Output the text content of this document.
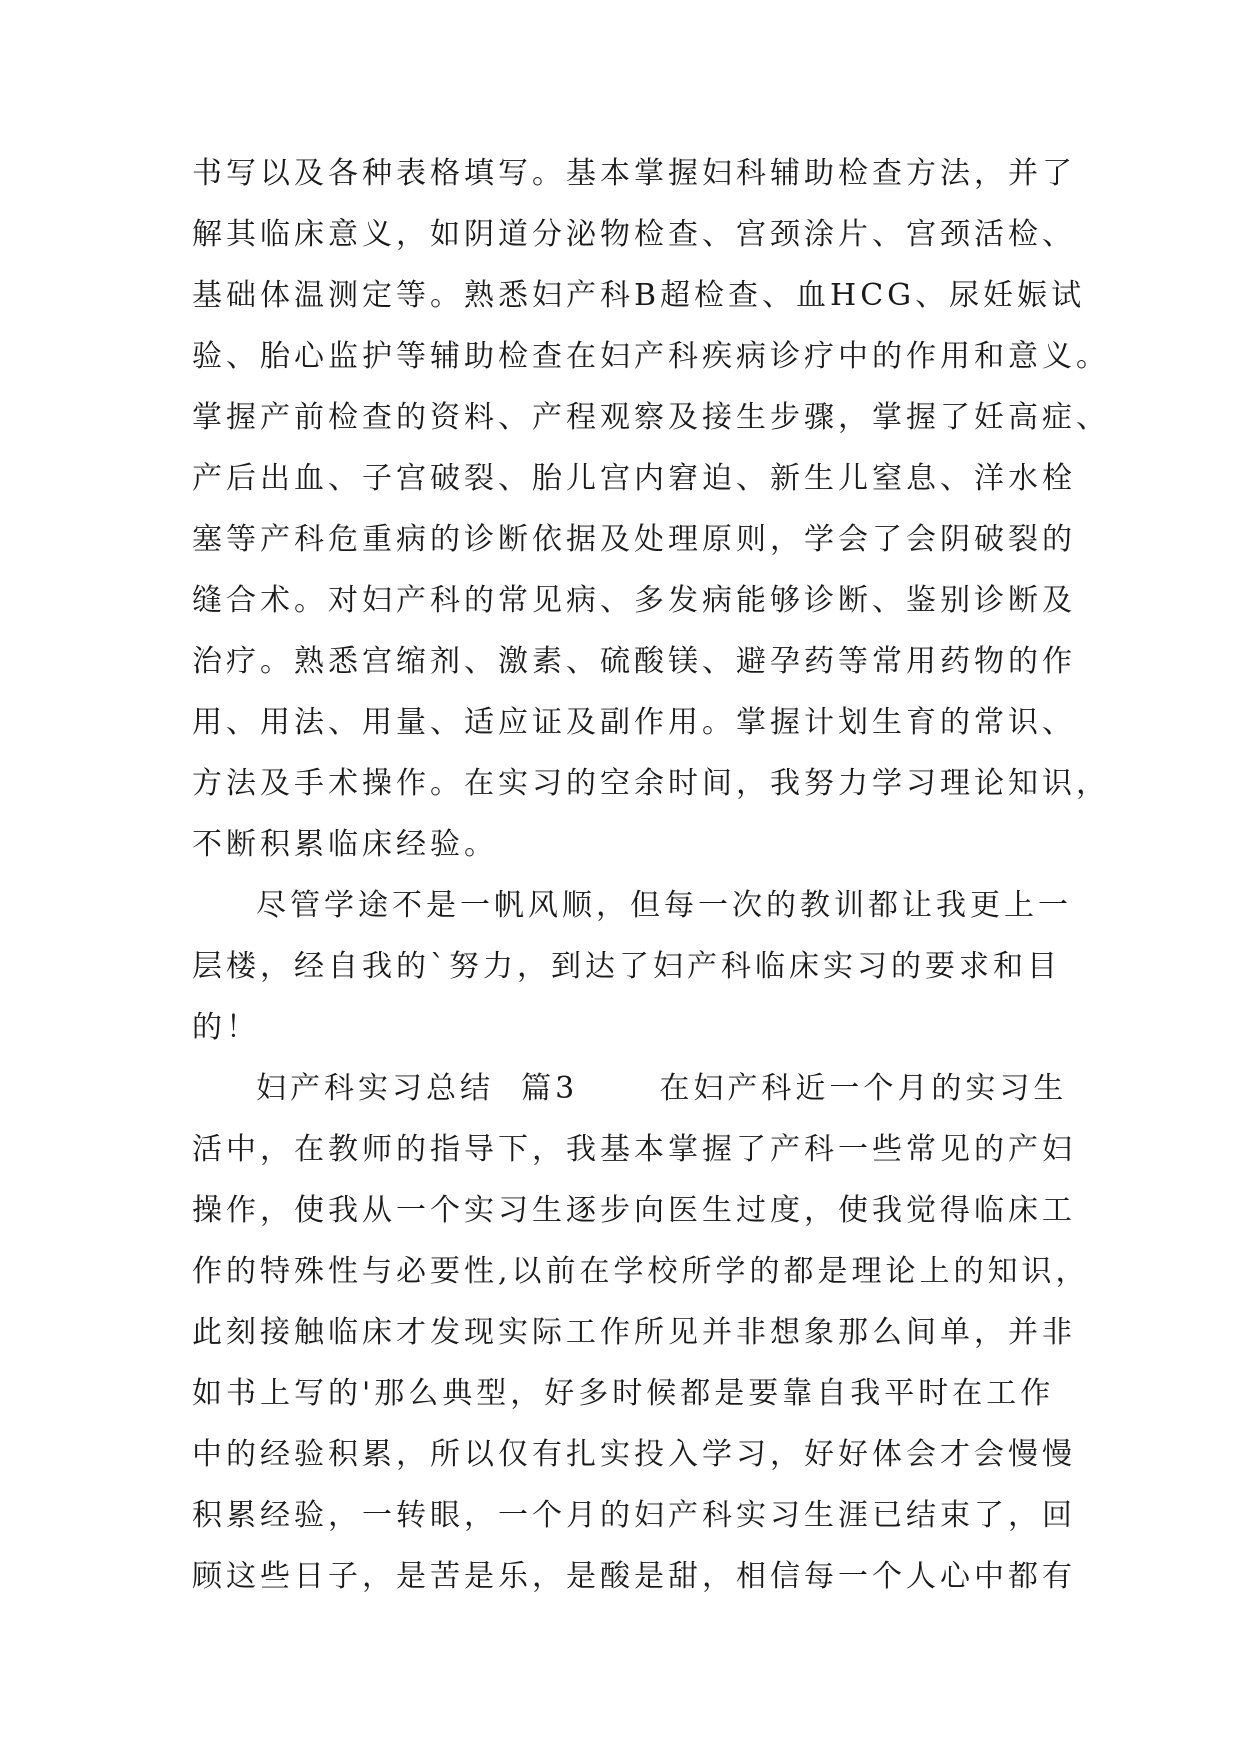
书写以及各种表格填写。基本掌握妇科辅助检查方法，并了
解其临床意义，如阴道分泌物检查、宫颈涂片、宫颈活检、
基础体温测定等。熟悉妇产科B超检查、血HCG、尿妊娠试
验、胎心监护等辅助检查在妇产科疾病诊疗中的作用和意义。
掌握产前检查的资料、产程观察及接生步骤，掌握了妊高症、
产后出血、子宫破裂、胎儿宫内窘迫、新生儿窒息、洋水栓
塞等产科危重病的诊断依据及处理原则，学会了会阴破裂的
缝合术。对妇产科的常见病、多发病能够诊断、鉴别诊断及
治疗。熟悉宫缩剂、激素、硫酸镁、避孕药等常用药物的作
用、用法、用量、适应证及副作用。掌握计划生育的常识、
方法及手术操作。在实习的空余时间，我努力学习理论知识，
不断积累临床经验。
尽管学途不是一帆风顺，但每一次的教训都让我更上一
层楼，经自我的`努力，到达了妇产科临床实习的要求和目
的！
妇产科实习总结  篇3      在妇产科近一个月的实习生
活中，在教师的指导下，我基本掌握了产科一些常见的产妇
操作，使我从一个实习生逐步向医生过度，使我觉得临床工
作的特殊性与必要性,以前在学校所学的都是理论上的知识，
此刻接触临床才发现实际工作所见并非想象那么间单，并非
如书上写的'那么典型，好多时候都是要靠自我平时在工作
中的经验积累，所以仅有扎实投入学习，好好体会才会慢慢
积累经验，一转眼，一个月的妇产科实习生涯已结束了，回
顾这些日子，是苦是乐，是酸是甜，相信每一个人心中都有
